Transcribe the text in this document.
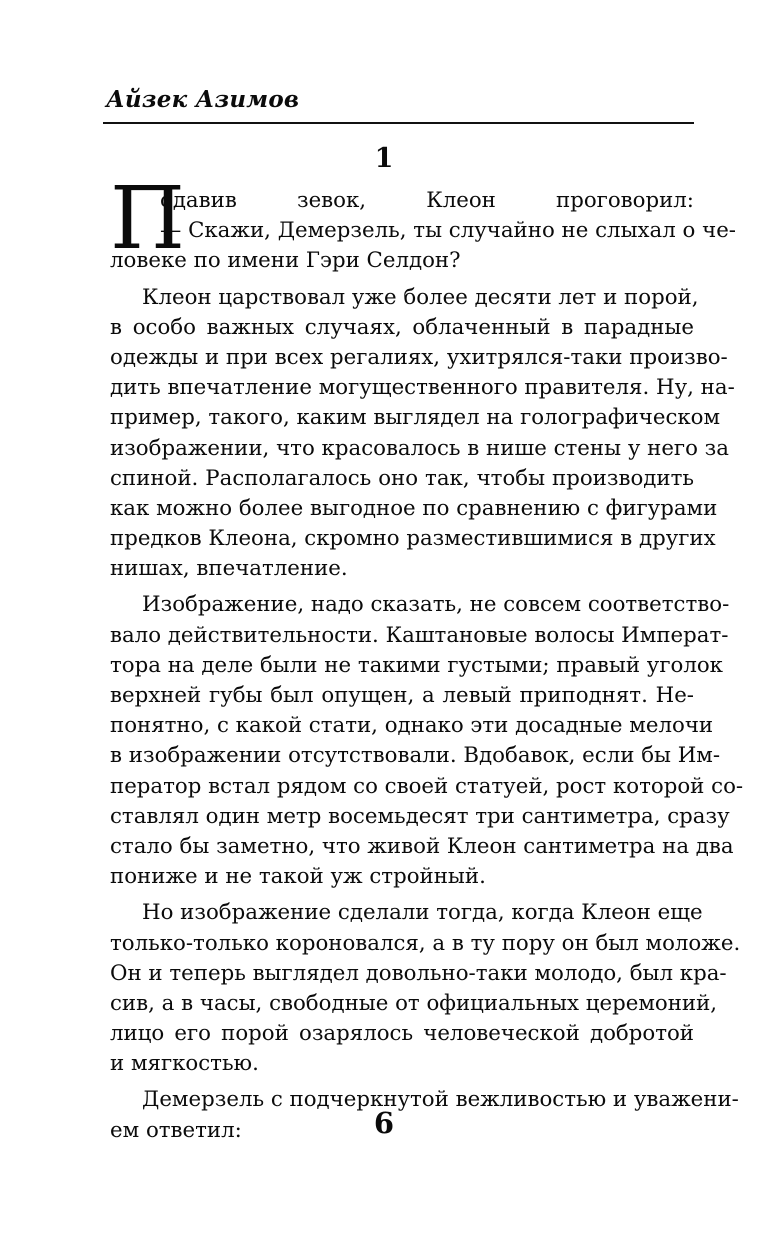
Айзек Азимов
1
П
одавив зевок, Клеон проговорил:
— Скажи, Демерзель, ты случайно не слыхал о че-
ловеке по имени Гэри Селдон?
Клеон царствовал уже более десяти лет и порой,
в особо важных случаях, облаченный в парадные
одежды и при всех регалиях, ухитрялся-таки произво-
дить впечатление могущественного правителя. Ну, на-
пример, такого, каким выглядел на голографическом
изображении, что красовалось в нише стены у него за
спиной. Располагалось оно так, чтобы производить
как можно более выгодное по сравнению с фигурами
предков Клеона, скромно разместившимися в других
нишах, впечатление.
Изображение, надо сказать, не совсем соответство-
вало действительности. Каштановые волосы Императ-
тора на деле были не такими густыми; правый уголок
верхней губы был опущен, а левый приподнят. Не-
понятно, с какой стати, однако эти досадные мелочи
в изображении отсутствовали. Вдобавок, если бы Им-
ператор встал рядом со своей статуей, рост которой со-
ставлял один метр восемьдесят три сантиметра, сразу
стало бы заметно, что живой Клеон сантиметра на два
пониже и не такой уж стройный.
Но изображение сделали тогда, когда Клеон еще
только-только короновался, а в ту пору он был моложе.
Он и теперь выглядел довольно-таки молодо, был кра-
сив, а в часы, свободные от официальных церемоний,
лицо его порой озарялось человеческой добротой
и мягкостью.
Демерзель с подчеркнутой вежливостью и уважени-
ем ответил:	6
